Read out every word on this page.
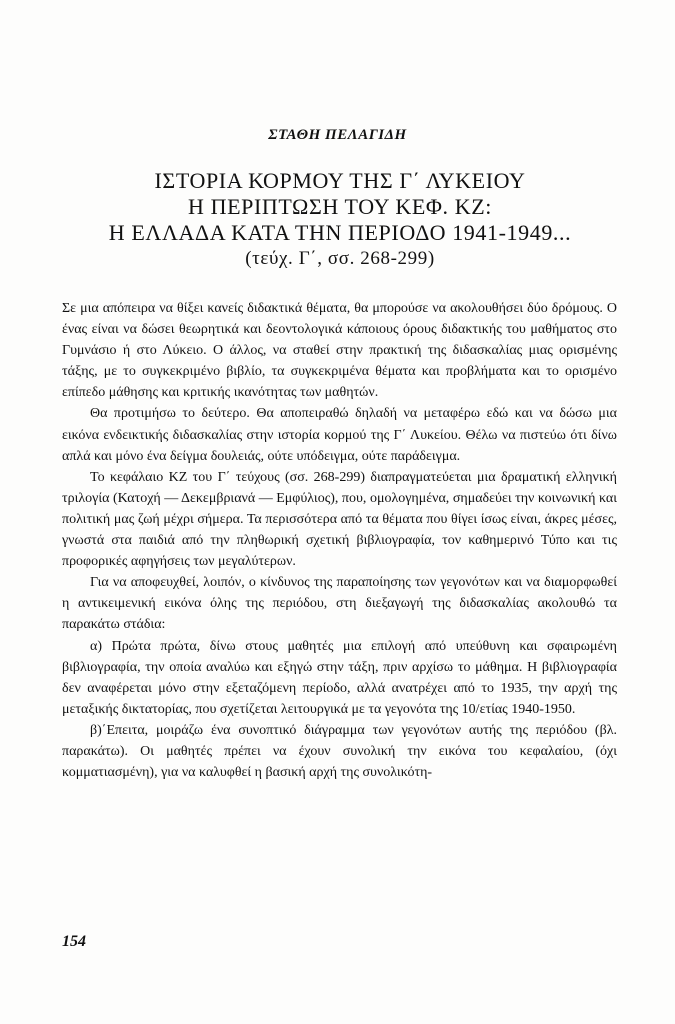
ΣΤΑΘΗ ΠΕΛΑΓΙΔΗ
ΙΣΤΟΡΙΑ ΚΟΡΜΟΥ ΤΗΣ Γ΄ ΛΥΚΕΙΟΥ
Η ΠΕΡΙΠΤΩΣΗ ΤΟΥ ΚΕΦ. ΚΖ:
Η ΕΛΛΑΔΑ ΚΑΤΑ ΤΗΝ ΠΕΡΙΟΔΟ 1941-1949...
(τεύχ. Γ΄, σσ. 268-299)

Σε μια απόπειρα να θίξει κανείς διδακτικά θέματα, θα μπορούσε να ακολουθήσει δύο δρόμους. Ο ένας είναι να δώσει θεωρητικά και δεοντολογικά κάποιους όρους διδακτικής του μαθήματος στο Γυμνάσιο ή στο Λύκειο. Ο άλλος, να σταθεί στην πρακτική της διδασκαλίας μιας ορισμένης τάξης, με το συγκεκριμένο βιβλίο, τα συγκεκριμένα θέματα και προβλήματα και το ορισμένο επίπεδο μάθησης και κριτικής ικανότητας των μαθητών.

Θα προτιμήσω το δεύτερο. Θα αποπειραθώ δηλαδή να μεταφέρω εδώ και να δώσω μια εικόνα ενδεικτικής διδασκαλίας στην ιστορία κορμού της Γ΄ Λυκείου. Θέλω να πιστεύω ότι δίνω απλά και μόνο ένα δείγμα δουλειάς, ούτε υπόδειγμα, ούτε παράδειγμα.

Το κεφάλαιο ΚΖ του Γ΄ τεύχους (σσ. 268-299) διαπραγματεύεται μια δραματική ελληνική τριλογία (Κατοχή — Δεκεμβριανά — Εμφύλιος), που, ομολογημένα, σημαδεύει την κοινωνική και πολιτική μας ζωή μέχρι σήμερα. Τα περισσότερα από τα θέματα που θίγει ίσως είναι, άκρες μέσες, γνωστά στα παιδιά από την πληθωρική σχετική βιβλιογραφία, τον καθημερινό Τύπο και τις προφορικές αφηγήσεις των μεγαλύτερων.

Για να αποφευχθεί, λοιπόν, ο κίνδυνος της παραποίησης των γεγονότων και να διαμορφωθεί η αντικειμενική εικόνα όλης της περιόδου, στη διεξαγωγή της διδασκαλίας ακολουθώ τα παρακάτω στάδια:

α) Πρώτα πρώτα, δίνω στους μαθητές μια επιλογή από υπεύθυνη και σφαιρωμένη βιβλιογραφία, την οποία αναλύω και εξηγώ στην τάξη, πριν αρχίσω το μάθημα. Η βιβλιογραφία δεν αναφέρεται μόνο στην εξεταζόμενη περίοδο, αλλά ανατρέχει από το 1935, την αρχή της μεταξικής δικτατορίας, που σχετίζεται λειτουργικά με τα γεγονότα της 10/ετίας 1940-1950.

β)΄Επειτα, μοιράζω ένα συνοπτικό διάγραμμα των γεγονότων αυτής της περιόδου (βλ. παρακάτω). Οι μαθητές πρέπει να έχουν συνολική την εικόνα του κεφαλαίου, (όχι κομματιασμένη), για να καλυφθεί η βασική αρχή της συνολικότη-

154
